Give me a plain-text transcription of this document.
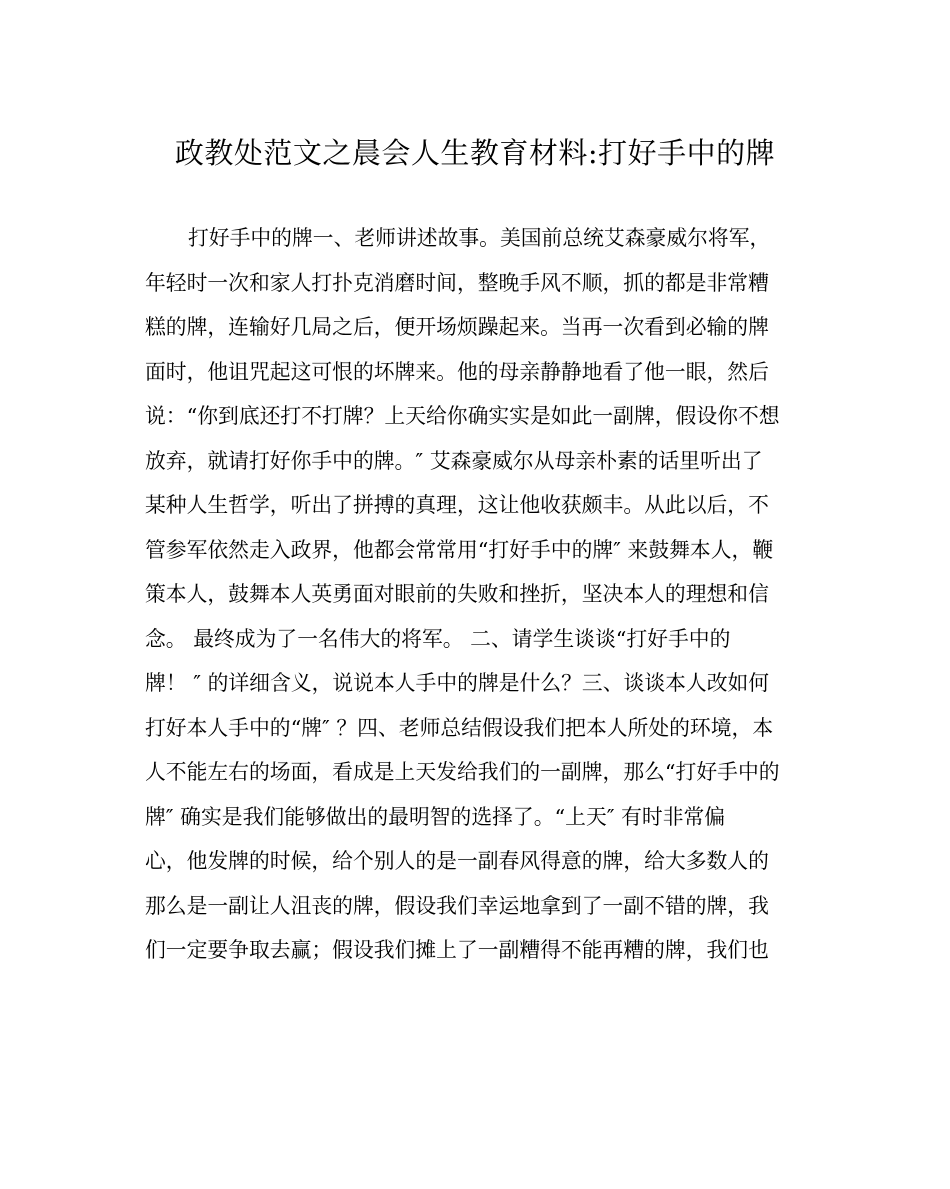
政教处范文之晨会人生教育材料:打好手中的牌
打好手中的牌一、老师讲述故事。美国前总统艾森豪威尔将军，
年轻时一次和家人打扑克消磨时间，整晚手风不顺，抓的都是非常糟
糕的牌，连输好几局之后，便开场烦躁起来。当再一次看到必输的牌
面时，他诅咒起这可恨的坏牌来。他的母亲静静地看了他一眼，然后
说：“你到底还打不打牌？上天给你确实实是如此一副牌，假设你不想
放弃，就请打好你手中的牌。″ 艾森豪威尔从母亲朴素的话里听出了
某种人生哲学，听出了拼搏的真理，这让他收获颇丰。从此以后，不
管参军依然走入政界，他都会常常用“打好手中的牌″ 来鼓舞本人，鞭
策本人，鼓舞本人英勇面对眼前的失败和挫折，坚决本人的理想和信
念。 最终成为了一名伟大的将军。 二、请学生谈谈“打好手中的
牌！ ″ 的详细含义，说说本人手中的牌是什么？三、谈谈本人改如何
打好本人手中的“牌″ ？四、老师总结假设我们把本人所处的环境，本
人不能左右的场面，看成是上天发给我们的一副牌，那么“打好手中的
牌″ 确实是我们能够做出的最明智的选择了。“上天″ 有时非常偏
心，他发牌的时候，给个别人的是一副春风得意的牌，给大多数人的
那么是一副让人沮丧的牌，假设我们幸运地拿到了一副不错的牌，我
们一定要争取去赢；假设我们摊上了一副糟得不能再糟的牌，我们也
